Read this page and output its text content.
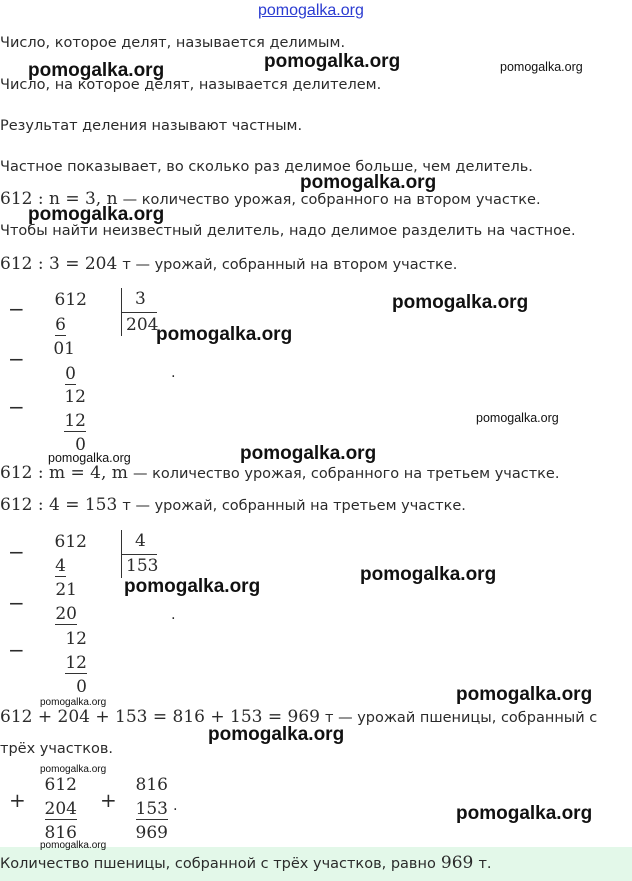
pomogalka.org
Число, которое делят, называется делимым.
Число, на которое делят, называется делителем.
Результат деления называют частным.
Частное показывает, во сколько раз делимое больше, чем делитель.
612 : n = 3, n — количество урожая, собранного на втором участке.
Чтобы найти неизвестный делитель, надо делимое разделить на частное.
612 : 3 = 204 т — урожай, собранный на втором участке.
−
−
−
612
6
01
0
12
12
0
3
204
.
612 : m = 4, m — количество урожая, собранного на третьем участке.
612 : 4 = 153 т — урожай, собранный на третьем участке.
−
−
−
612
4
21
20
12
12
0
4
153
.
612 + 204 + 153 = 816 + 153 = 969 т — урожай пшеницы, собранный с
трёх участков.
+
612
204
816
+
816
153
969
.
Количество пшеницы, собранной с трёх участков, равно 969 т.
pomogalka.org	pomogalka.org	pomogalka.org
pomogalka.org
pomogalka.org
pomogalka.org
pomogalka.org
pomogalka.org
pomogalka.org
pomogalka.org
pomogalka.org
pomogalka.org
pomogalka.org
pomogalka.org
pomogalka.org
pomogalka.org
pomogalka.org
pomogalka.org
